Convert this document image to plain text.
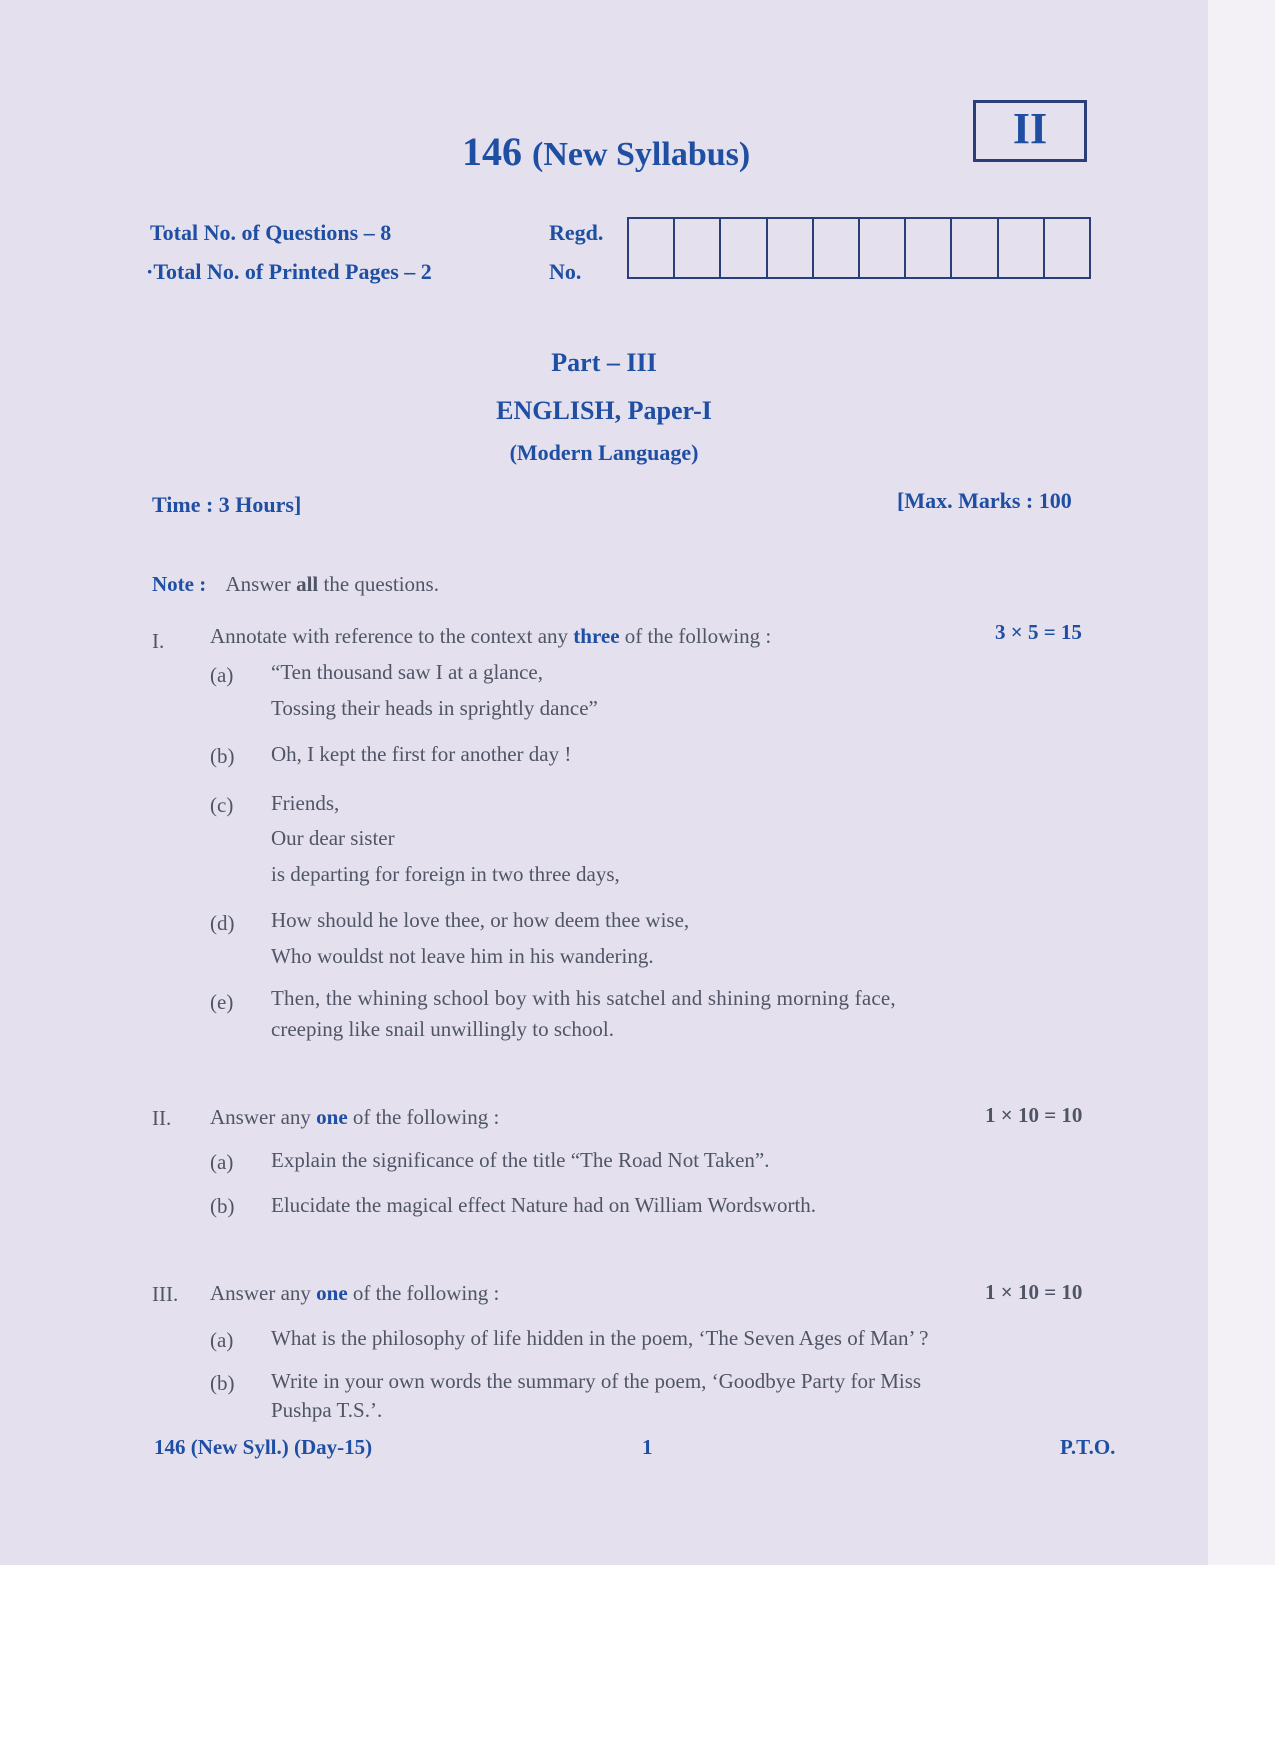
146 (New Syllabus)
II
Total No. of Questions – 8
·Total No. of Printed Pages – 2
Regd.
No.
Part – III
ENGLISH, Paper-I
(Modern Language)
Time : 3 Hours]	[Max. Marks : 100
Note : Answer all the questions.
I. Annotate with reference to the context any three of the following :	3 × 5 = 15
(a) “Ten thousand saw I at a glance,
Tossing their heads in sprightly dance”
(b) Oh, I kept the first for another day !
(c) Friends,
Our dear sister
is departing for foreign in two three days,
(d) How should he love thee, or how deem thee wise,
Who wouldst not leave him in his wandering.
(e) Then, the whining school boy with his satchel and shining morning face,
creeping like snail unwillingly to school.
II. Answer any one of the following :	1 × 10 = 10
(a) Explain the significance of the title “The Road Not Taken”.
(b) Elucidate the magical effect Nature had on William Wordsworth.
III. Answer any one of the following :	1 × 10 = 10
(a) What is the philosophy of life hidden in the poem, ‘The Seven Ages of Man’ ?
(b) Write in your own words the summary of the poem, ‘Goodbye Party for Miss
Pushpa T.S.’.
146 (New Syll.) (Day-15)	1	P.T.O.
